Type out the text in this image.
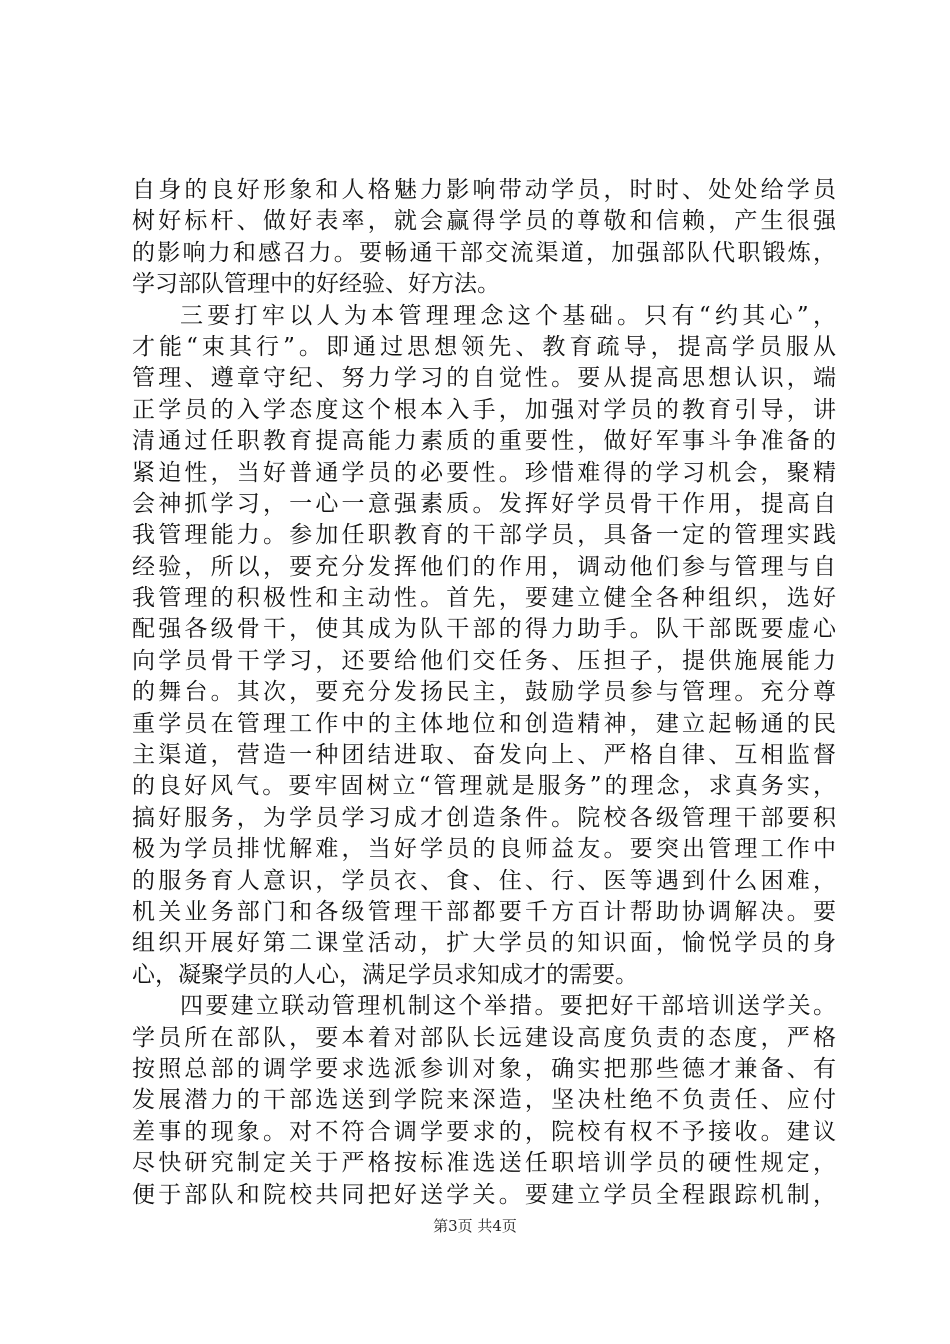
自身的良好形象和人格魅力影响带动学员，时时、处处给学员
树好标杆、做好表率，就会赢得学员的尊敬和信赖，产生很强
的影响力和感召力。要畅通干部交流渠道，加强部队代职锻炼，
学习部队管理中的好经验、好方法。
三要打牢以人为本管理理念这个基础。只有“约其心”，
才能“束其行”。即通过思想领先、教育疏导，提高学员服从
管理、遵章守纪、努力学习的自觉性。要从提高思想认识，端
正学员的入学态度这个根本入手，加强对学员的教育引导，讲
清通过任职教育提高能力素质的重要性，做好军事斗争准备的
紧迫性，当好普通学员的必要性。珍惜难得的学习机会，聚精
会神抓学习，一心一意强素质。发挥好学员骨干作用，提高自
我管理能力。参加任职教育的干部学员，具备一定的管理实践
经验，所以，要充分发挥他们的作用，调动他们参与管理与自
我管理的积极性和主动性。首先，要建立健全各种组织，选好
配强各级骨干，使其成为队干部的得力助手。队干部既要虚心
向学员骨干学习，还要给他们交任务、压担子，提供施展能力
的舞台。其次，要充分发扬民主，鼓励学员参与管理。充分尊
重学员在管理工作中的主体地位和创造精神，建立起畅通的民
主渠道，营造一种团结进取、奋发向上、严格自律、互相监督
的良好风气。要牢固树立“管理就是服务”的理念，求真务实，
搞好服务，为学员学习成才创造条件。院校各级管理干部要积
极为学员排忧解难，当好学员的良师益友。要突出管理工作中
的服务育人意识，学员衣、食、住、行、医等遇到什么困难，
机关业务部门和各级管理干部都要千方百计帮助协调解决。要
组织开展好第二课堂活动，扩大学员的知识面，愉悦学员的身
心，凝聚学员的人心，满足学员求知成才的需要。
四要建立联动管理机制这个举措。要把好干部培训送学关。
学员所在部队，要本着对部队长远建设高度负责的态度，严格
按照总部的调学要求选派参训对象，确实把那些德才兼备、有
发展潜力的干部选送到学院来深造，坚决杜绝不负责任、应付
差事的现象。对不符合调学要求的，院校有权不予接收。建议
尽快研究制定关于严格按标准选送任职培训学员的硬性规定，
便于部队和院校共同把好送学关。要建立学员全程跟踪机制，
第3页 共4页
